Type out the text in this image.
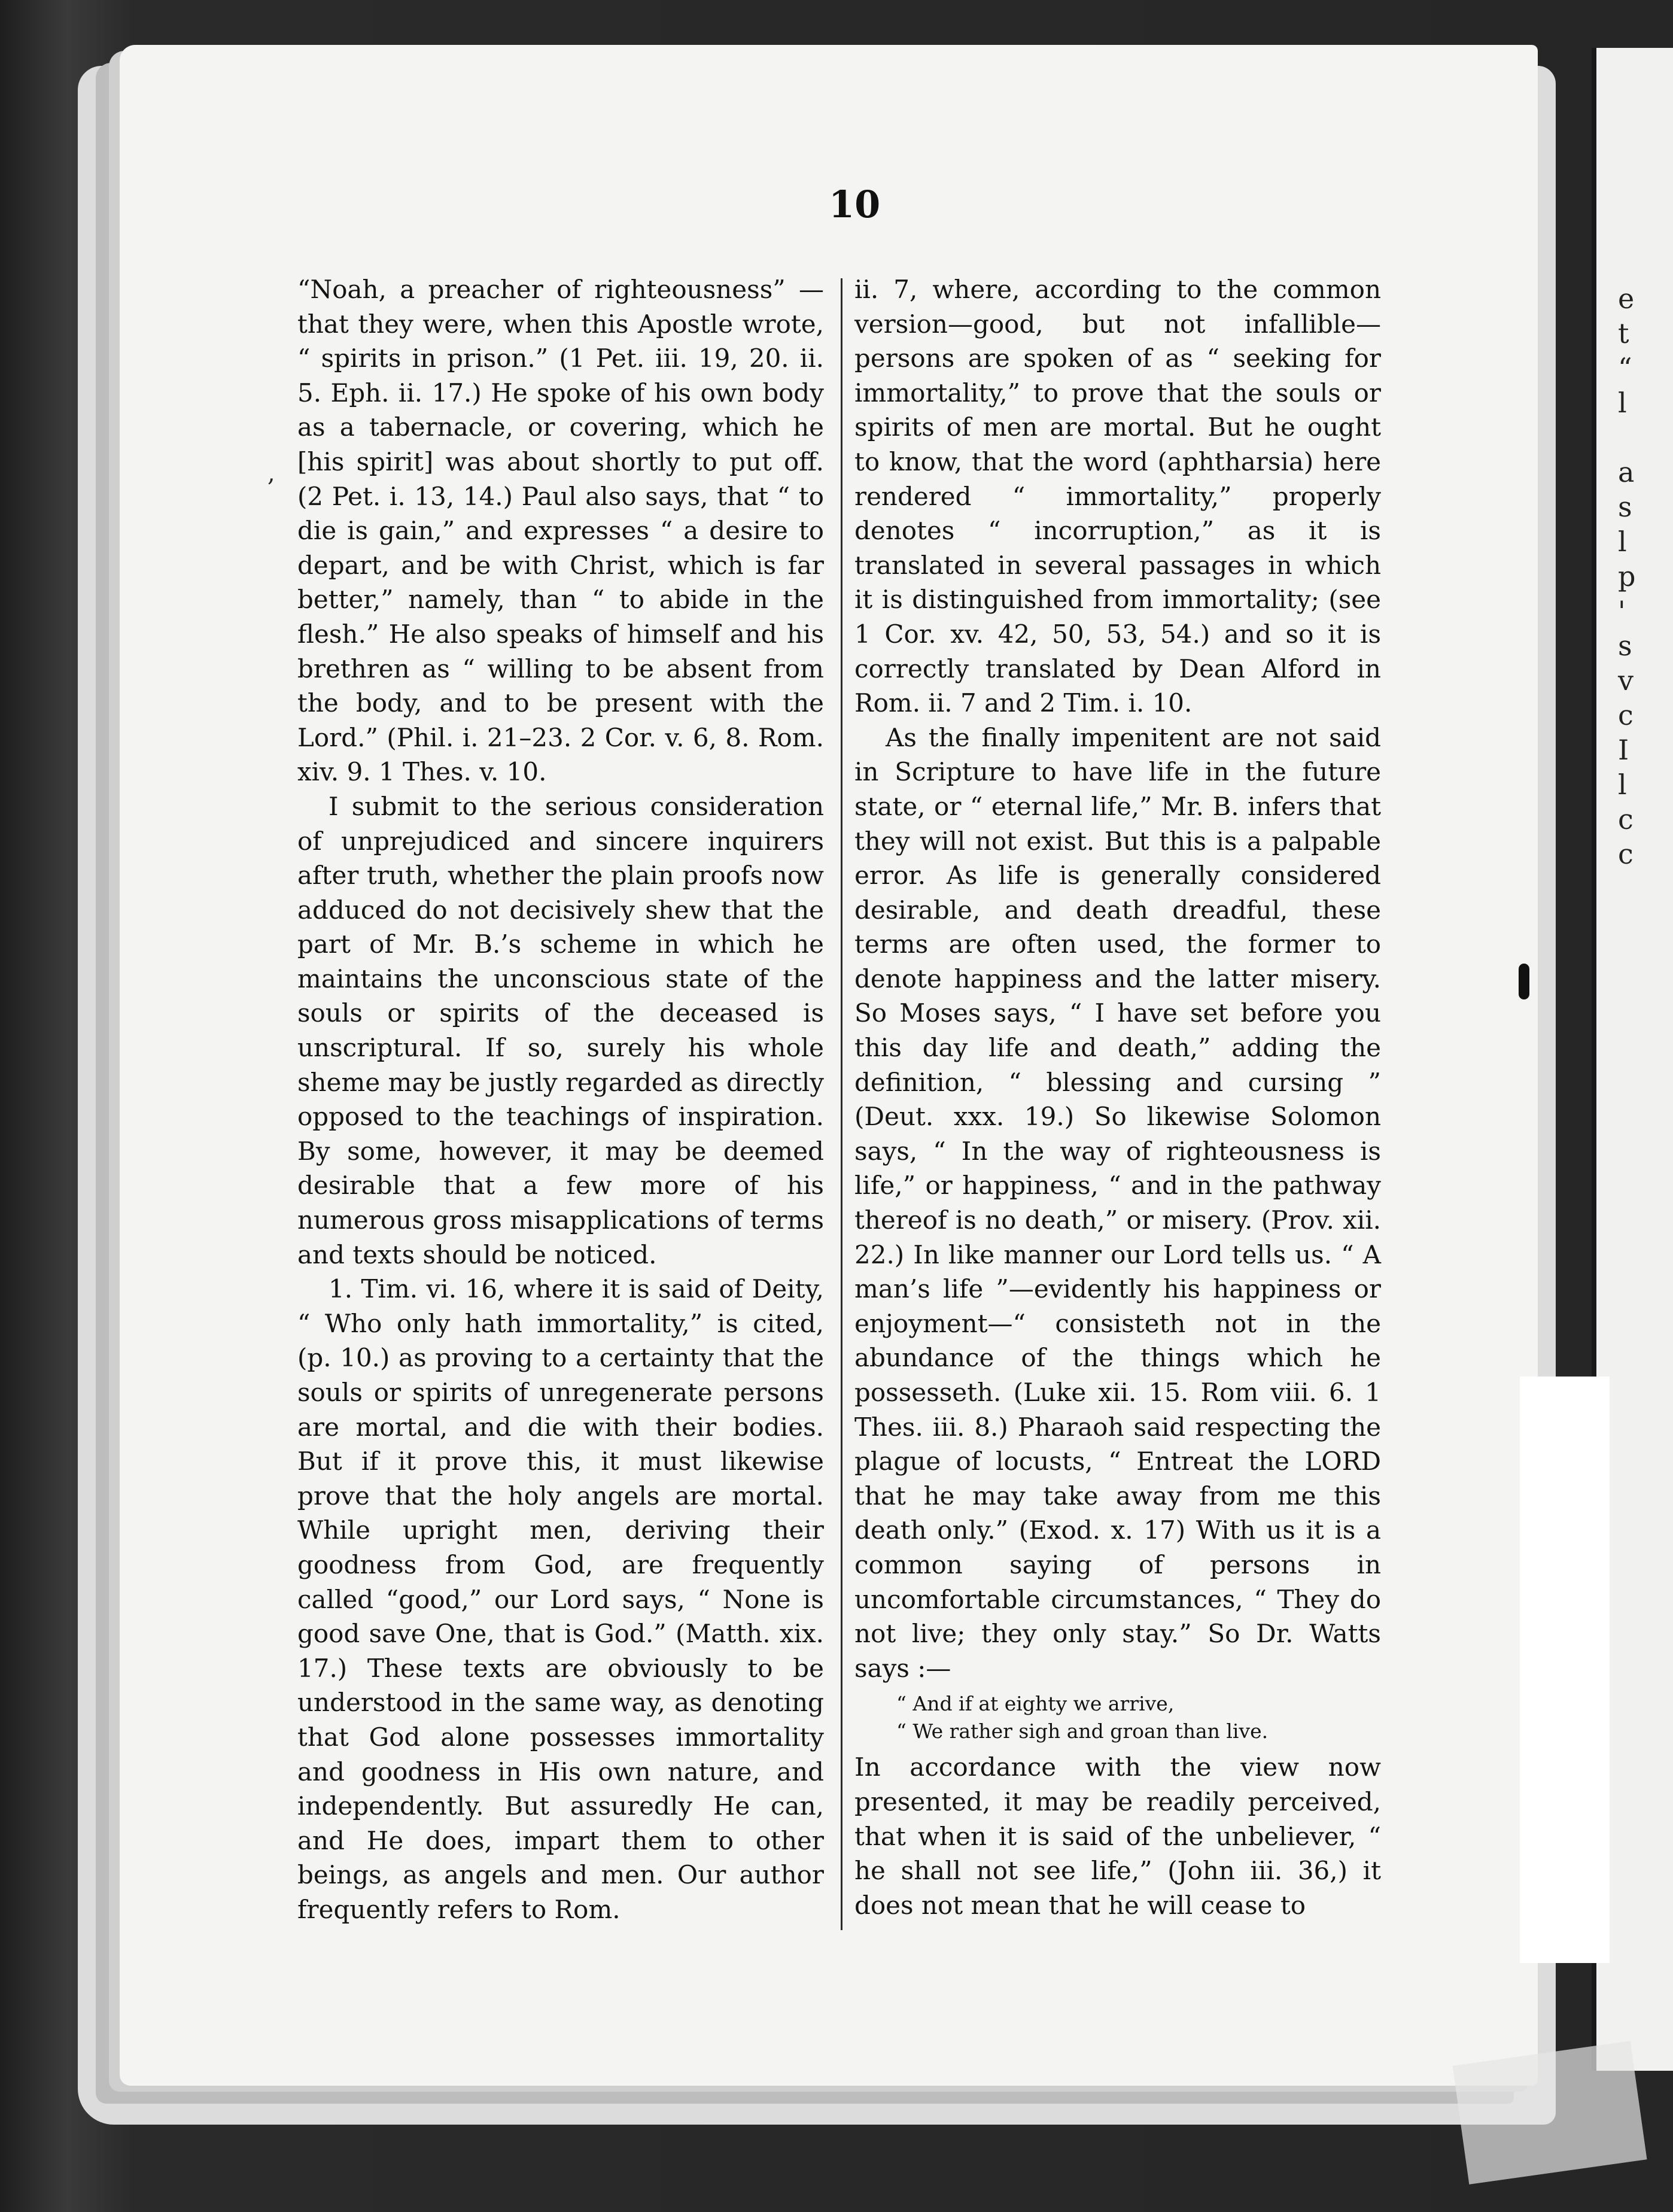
e
t
“
l

a
s
l
p
'
s
v
c
I
l
c
c
,
10

“Noah, a preacher of righteousness” —that they were, when this Apostle wrote, “ spirits in prison.” (1 Pet. iii. 19, 20. ii. 5. Eph. ii. 17.) He spoke of his own body as a tabernacle, or covering, which he [his spirit] was about shortly to put off. (2 Pet. i. 13, 14.) Paul also says, that “ to die is gain,” and expresses “ a desire to depart, and be with Christ, which is far better,” namely, than “ to abide in the flesh.” He also speaks of himself and his brethren as “ willing to be absent from the body, and to be present with the Lord.” (Phil. i. 21–23. 2 Cor. v. 6, 8. Rom. xiv. 9. 1 Thes. v. 10.

I submit to the serious consideration of unprejudiced and sincere inquirers after truth, whether the plain proofs now adduced do not decisively shew that the part of Mr. B.’s scheme in which he maintains the unconscious state of the souls or spirits of the deceased is unscriptural. If so, surely his whole sheme may be justly regarded as directly opposed to the teachings of inspiration. By some, however, it may be deemed desirable that a few more of his numerous gross misapplications of terms and texts should be noticed.

1. Tim. vi. 16, where it is said of Deity, “ Who only hath immortality,” is cited, (p. 10.) as proving to a certainty that the souls or spirits of unregenerate persons are mortal, and die with their bodies. But if it prove this, it must likewise prove that the holy angels are mortal. While upright men, deriving their goodness from God, are frequently called “good,” our Lord says, “ None is good save One, that is God.” (Matth. xix. 17.) These texts are obviously to be understood in the same way, as denoting that God alone possesses immortality and goodness in His own nature, and independently. But assuredly He can, and He does, impart them to other beings, as angels and men. Our author frequently refers to Rom.

ii. 7, where, according to the common version—good, but not infallible—persons are spoken of as “ seeking for immortality,” to prove that the souls or spirits of men are mortal. But he ought to know, that the word (aphtharsia) here rendered “ immortality,” properly denotes “ incorruption,” as it is translated in several passages in which it is distinguished from immortality; (see 1 Cor. xv. 42, 50, 53, 54.) and so it is correctly translated by Dean Alford in Rom. ii. 7 and 2 Tim. i. 10.

As the finally impenitent are not said in Scripture to have life in the future state, or “ eternal life,” Mr. B. infers that they will not exist. But this is a palpable error. As life is generally considered desirable, and death dreadful, these terms are often used, the former to denote happiness and the latter misery. So Moses says, “ I have set before you this day life and death,” adding the definition, “ blessing and cursing ” (Deut. xxx. 19.) So likewise Solomon says, “ In the way of righteousness is life,” or happiness, “ and in the pathway thereof is no death,” or misery. (Prov. xii. 22.) In like manner our Lord tells us. “ A man’s life ”—evidently his happiness or enjoyment—“ consisteth not in the abundance of the things which he possesseth. (Luke xii. 15. Rom viii. 6. 1 Thes. iii. 8.) Pharaoh said respecting the plague of locusts, “ Entreat the LORD that he may take away from me this death only.” (Exod. x. 17) With us it is a common saying of persons in uncomfortable circumstances, “ They do not live; they only stay.” So Dr. Watts says :—

“ And if at eighty we arrive,
“ We rather sigh and groan than live.

In accordance with the view now presented, it may be readily perceived, that when it is said of the unbeliever, “ he shall not see life,” (John iii. 36,) it does not mean that he will cease to
